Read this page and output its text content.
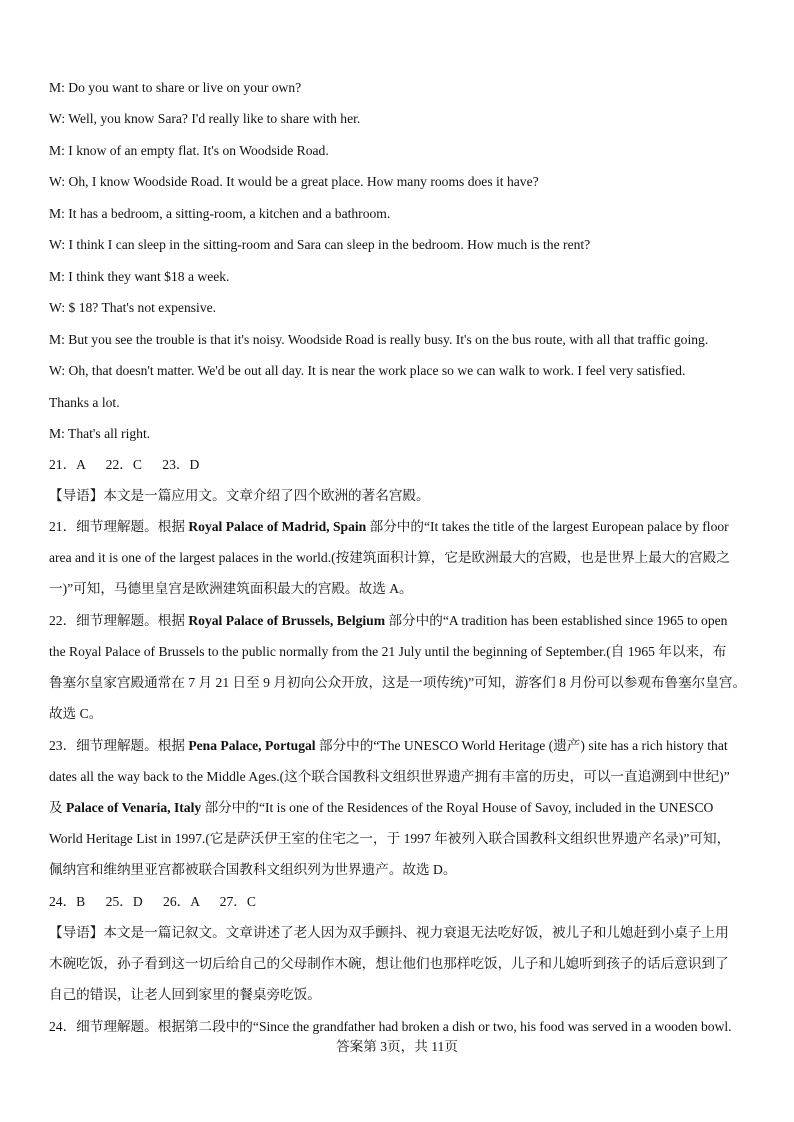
M: Do you want to share or live on your own?
W: Well, you know Sara? I'd really like to share with her.
M: I know of an empty flat. It's on Woodside Road.
W: Oh, I know Woodside Road. It would be a great place. How many rooms does it have?
M: It has a bedroom, a sitting-room, a kitchen and a bathroom.
W: I think I can sleep in the sitting-room and Sara can sleep in the bedroom. How much is the rent?
M: I think they want $18 a week.
W: $ 18? That's not expensive.
M: But you see the trouble is that it's noisy. Woodside Road is really busy. It's on the bus route, with all that traffic going.
W: Oh, that doesn't matter. We'd be out all day. It is near the work place so we can walk to work. I feel very satisfied.
Thanks a lot.
M: That's all right.
21．A      22．C      23．D
【导语】本文是一篇应用文。文章介绍了四个欧洲的著名宫殿。
21．细节理解题。根据 Royal Palace of Madrid, Spain 部分中的“It takes the title of the largest European palace by floor
area and it is one of the largest palaces in the world.(按建筑面积计算，它是欧洲最大的宫殿，也是世界上最大的宫殿之
一)”可知，马德里皇宫是欧洲建筑面积最大的宫殿。故选 A。
22．细节理解题。根据 Royal Palace of Brussels, Belgium 部分中的“A tradition has been established since 1965 to open
the Royal Palace of Brussels to the public normally from the 21 July until the beginning of September.(自 1965 年以来，布
鲁塞尔皇家宫殿通常在 7 月 21 日至 9 月初向公众开放，这是一项传统)”可知，游客们 8 月份可以参观布鲁塞尔皇宫。
故选 C。
23．细节理解题。根据 Pena Palace, Portugal 部分中的“The UNESCO World Heritage (遗产) site has a rich history that
dates all the way back to the Middle Ages.(这个联合国教科文组织世界遗产拥有丰富的历史，可以一直追溯到中世纪)”
及 Palace of Venaria, Italy 部分中的“It is one of the Residences of the Royal House of Savoy, included in the UNESCO
World Heritage List in 1997.(它是萨沃伊王室的住宅之一，于 1997 年被列入联合国教科文组织世界遗产名录)”可知，
佩纳宫和维纳里亚宫都被联合国教科文组织列为世界遗产。故选 D。
24．B      25．D      26．A      27．C
【导语】本文是一篇记叙文。文章讲述了老人因为双手颤抖、视力衰退无法吃好饭，被儿子和儿媳赶到小桌子上用
木碗吃饭，孙子看到这一切后给自己的父母制作木碗，想让他们也那样吃饭，儿子和儿媳听到孩子的话后意识到了
自己的错误，让老人回到家里的餐桌旁吃饭。
24．细节理解题。根据第二段中的“Since the grandfather had broken a dish or two, his food was served in a wooden bowl.
答案第 3页，共 11页
